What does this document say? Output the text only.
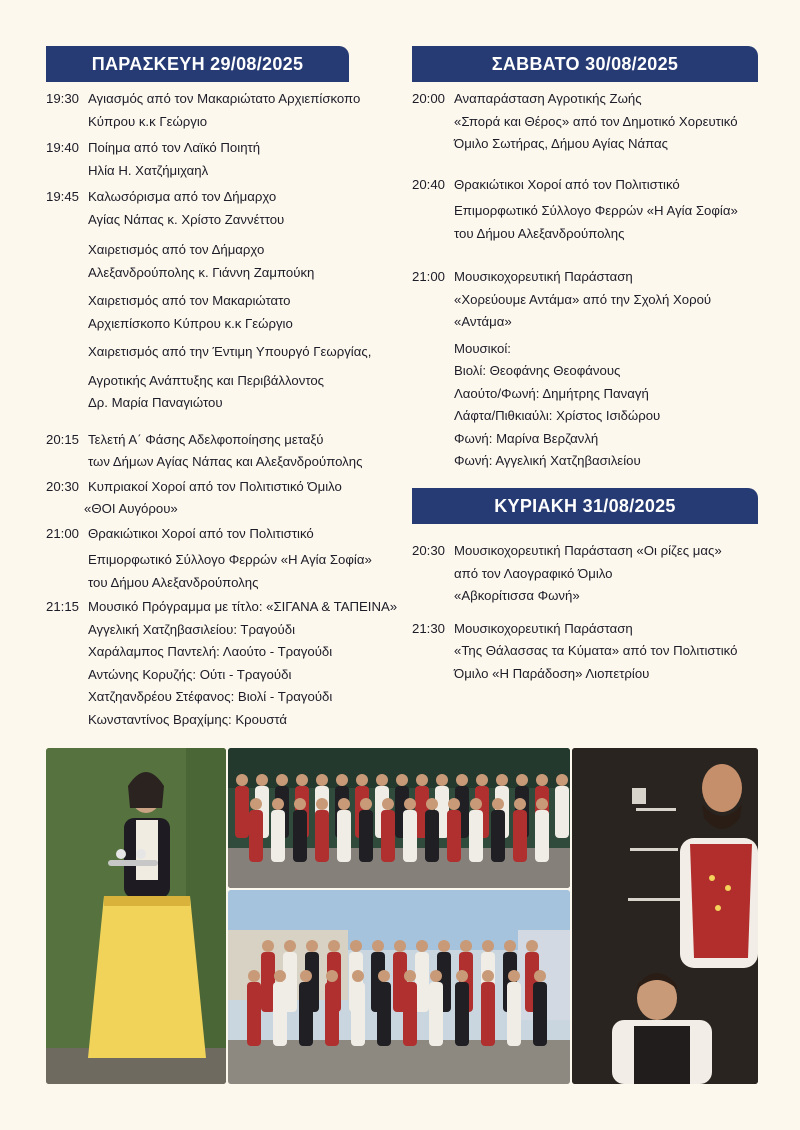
ΠΑΡΑΣΚΕΥΗ 29/08/2025	ΣΑΒΒΑΤΟ 30/08/2025
ΚΥΡΙΑΚΗ 31/08/2025
19:30 Αγιασμός από τον Μακαριώτατο Αρχιεπίσκοπο
Κύπρου κ.κ Γεώργιο
19:40 Ποίημα από τον Λαϊκό Ποιητή
Ηλία Η. Χατζήμιχαηλ
19:45 Καλωσόρισμα από τον Δήμαρχο
Αγίας Νάπας κ. Χρίστο Ζαννέττου
Χαιρετισμός από τον Δήμαρχο
Αλεξανδρούπολης κ. Γιάννη Ζαμπούκη
Χαιρετισμός από τον Μακαριώτατο
Αρχιεπίσκοπο Κύπρου κ.κ Γεώργιο
Χαιρετισμός από την Έντιμη Υπουργό Γεωργίας,
Αγροτικής Ανάπτυξης και Περιβάλλοντος
Δρ. Μαρία Παναγιώτου
20:15 Τελετή Α΄ Φάσης Αδελφοποίησης μεταξύ
των Δήμων Αγίας Νάπας και Αλεξανδρούπολης
20:30 Κυπριακοί Χοροί από τον Πολιτιστικό Όμιλο
«ΘΟΙ Αυγόρου»
21:00 Θρακιώτικοι Χοροί από τον Πολιτιστικό
Επιμορφωτικό Σύλλογο Φερρών «Η Αγία Σοφία»
του Δήμου Αλεξανδρούπολης
21:15 Μουσικό Πρόγραμμα με τίτλο: «ΣΙΓΑΝΑ & ΤΑΠΕΙΝΑ»
Αγγελική Χατζηβασιλείου: Τραγούδι
Χαράλαμπος Παντελή: Λαούτο - Τραγούδι
Αντώνης Κορυζής: Ούτι - Τραγούδι
Χατζηανδρέου Στέφανος: Βιολί - Τραγούδι
Κωνσταντίνος Βραχίμης: Κρουστά
20:00 Αναπαράσταση Αγροτικής Ζωής
«Σπορά και Θέρος» από τον Δημοτικό Χορευτικό
Όμιλο Σωτήρας, Δήμου Αγίας Νάπας
20:40 Θρακιώτικοι Χοροί από τον Πολιτιστικό
Επιμορφωτικό Σύλλογο Φερρών «Η Αγία Σοφία»
του Δήμου Αλεξανδρούπολης
21:00 Μουσικοχορευτική Παράσταση
«Χορεύουμε Αντάμα» από την Σχολή Χορού
«Αντάμα»
Μουσικοί:
Βιολί: Θεοφάνης Θεοφάνους
Λαούτο/Φωνή: Δημήτρης Παναγή
Λάφτα/Πιθκιαύλι: Χρίστος Ισιδώρου
Φωνή: Μαρίνα Βερζανλή
Φωνή: Αγγελική Χατζηβασιλείου
20:30 Μουσικοχορευτική Παράσταση «Οι ρίζες μας»
από τον Λαογραφικό Όμιλο
«Αβκορίτισσα Φωνή»
21:30 Μουσικοχορευτική Παράσταση
«Της Θάλασσας τα Κύματα» από τον Πολιτιστικό
Όμιλο «Η Παράδοση» Λιοπετρίου
